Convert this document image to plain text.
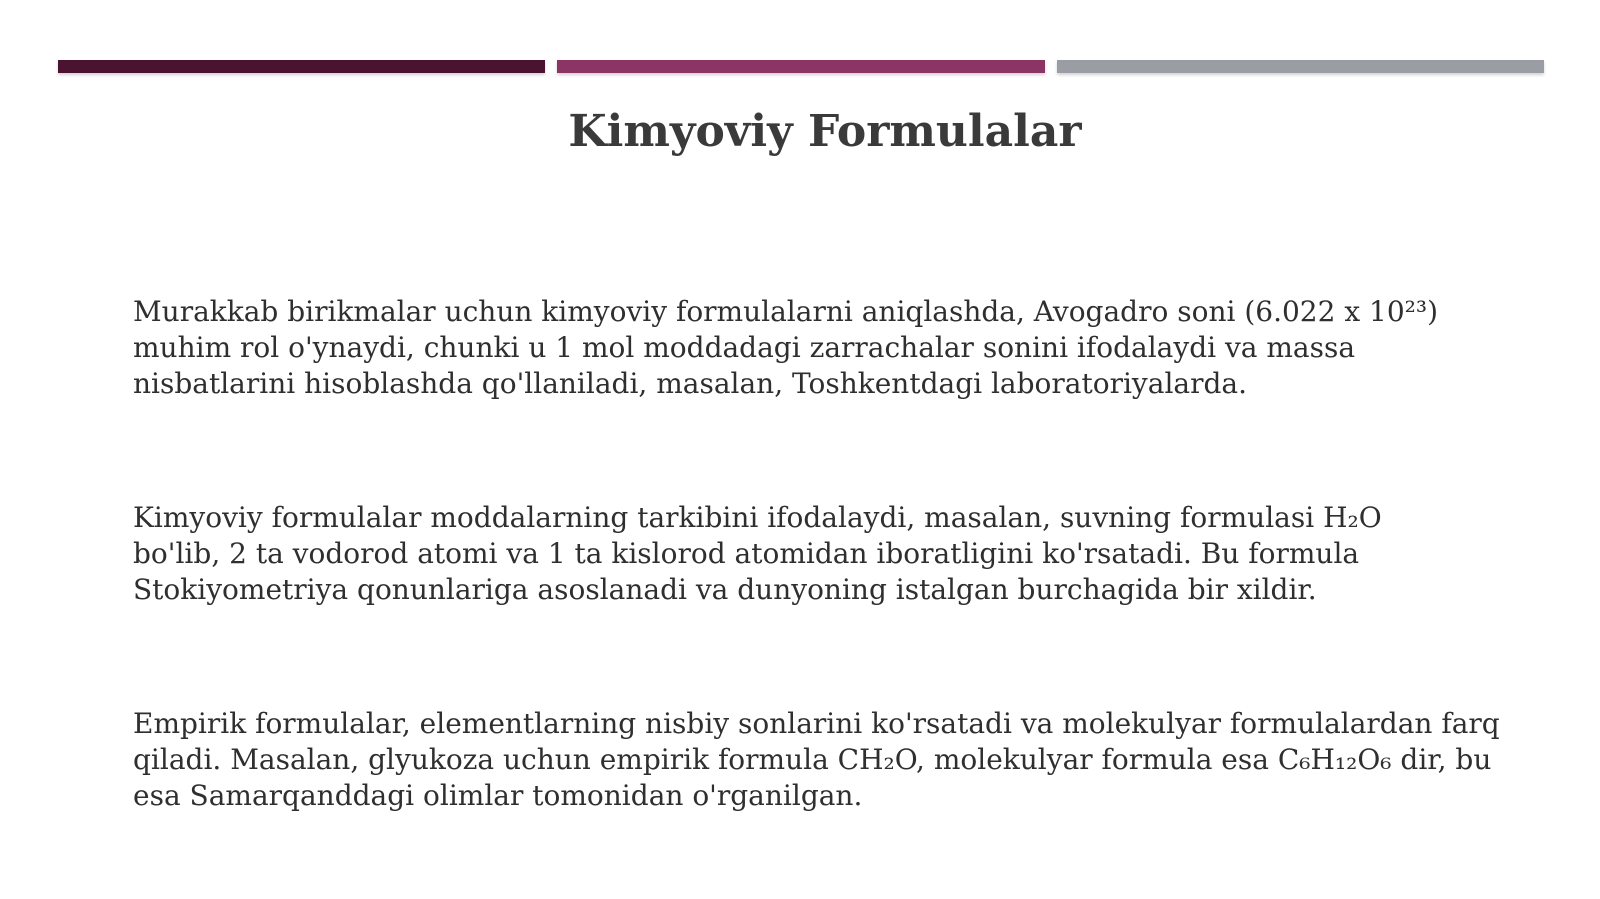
Kimyoviy Formulalar

Murakkab birikmalar uchun kimyoviy formulalarni aniqlashda, Avogadro soni (6.022 x 10²³)
muhim rol o'ynaydi, chunki u 1 mol moddadagi zarrachalar sonini ifodalaydi va massa
nisbatlarini hisoblashda qo'llaniladi, masalan, Toshkentdagi laboratoriyalarda.

Kimyoviy formulalar moddalarning tarkibini ifodalaydi, masalan, suvning formulasi H₂O
bo'lib, 2 ta vodorod atomi va 1 ta kislorod atomidan iboratligini ko'rsatadi. Bu formula
Stokiyometriya qonunlariga asoslanadi va dunyoning istalgan burchagida bir xildir.

Empirik formulalar, elementlarning nisbiy sonlarini ko'rsatadi va molekulyar formulalardan farq
qiladi. Masalan, glyukoza uchun empirik formula CH₂O, molekulyar formula esa C₆H₁₂O₆ dir, bu
esa Samarqanddagi olimlar tomonidan o'rganilgan.
